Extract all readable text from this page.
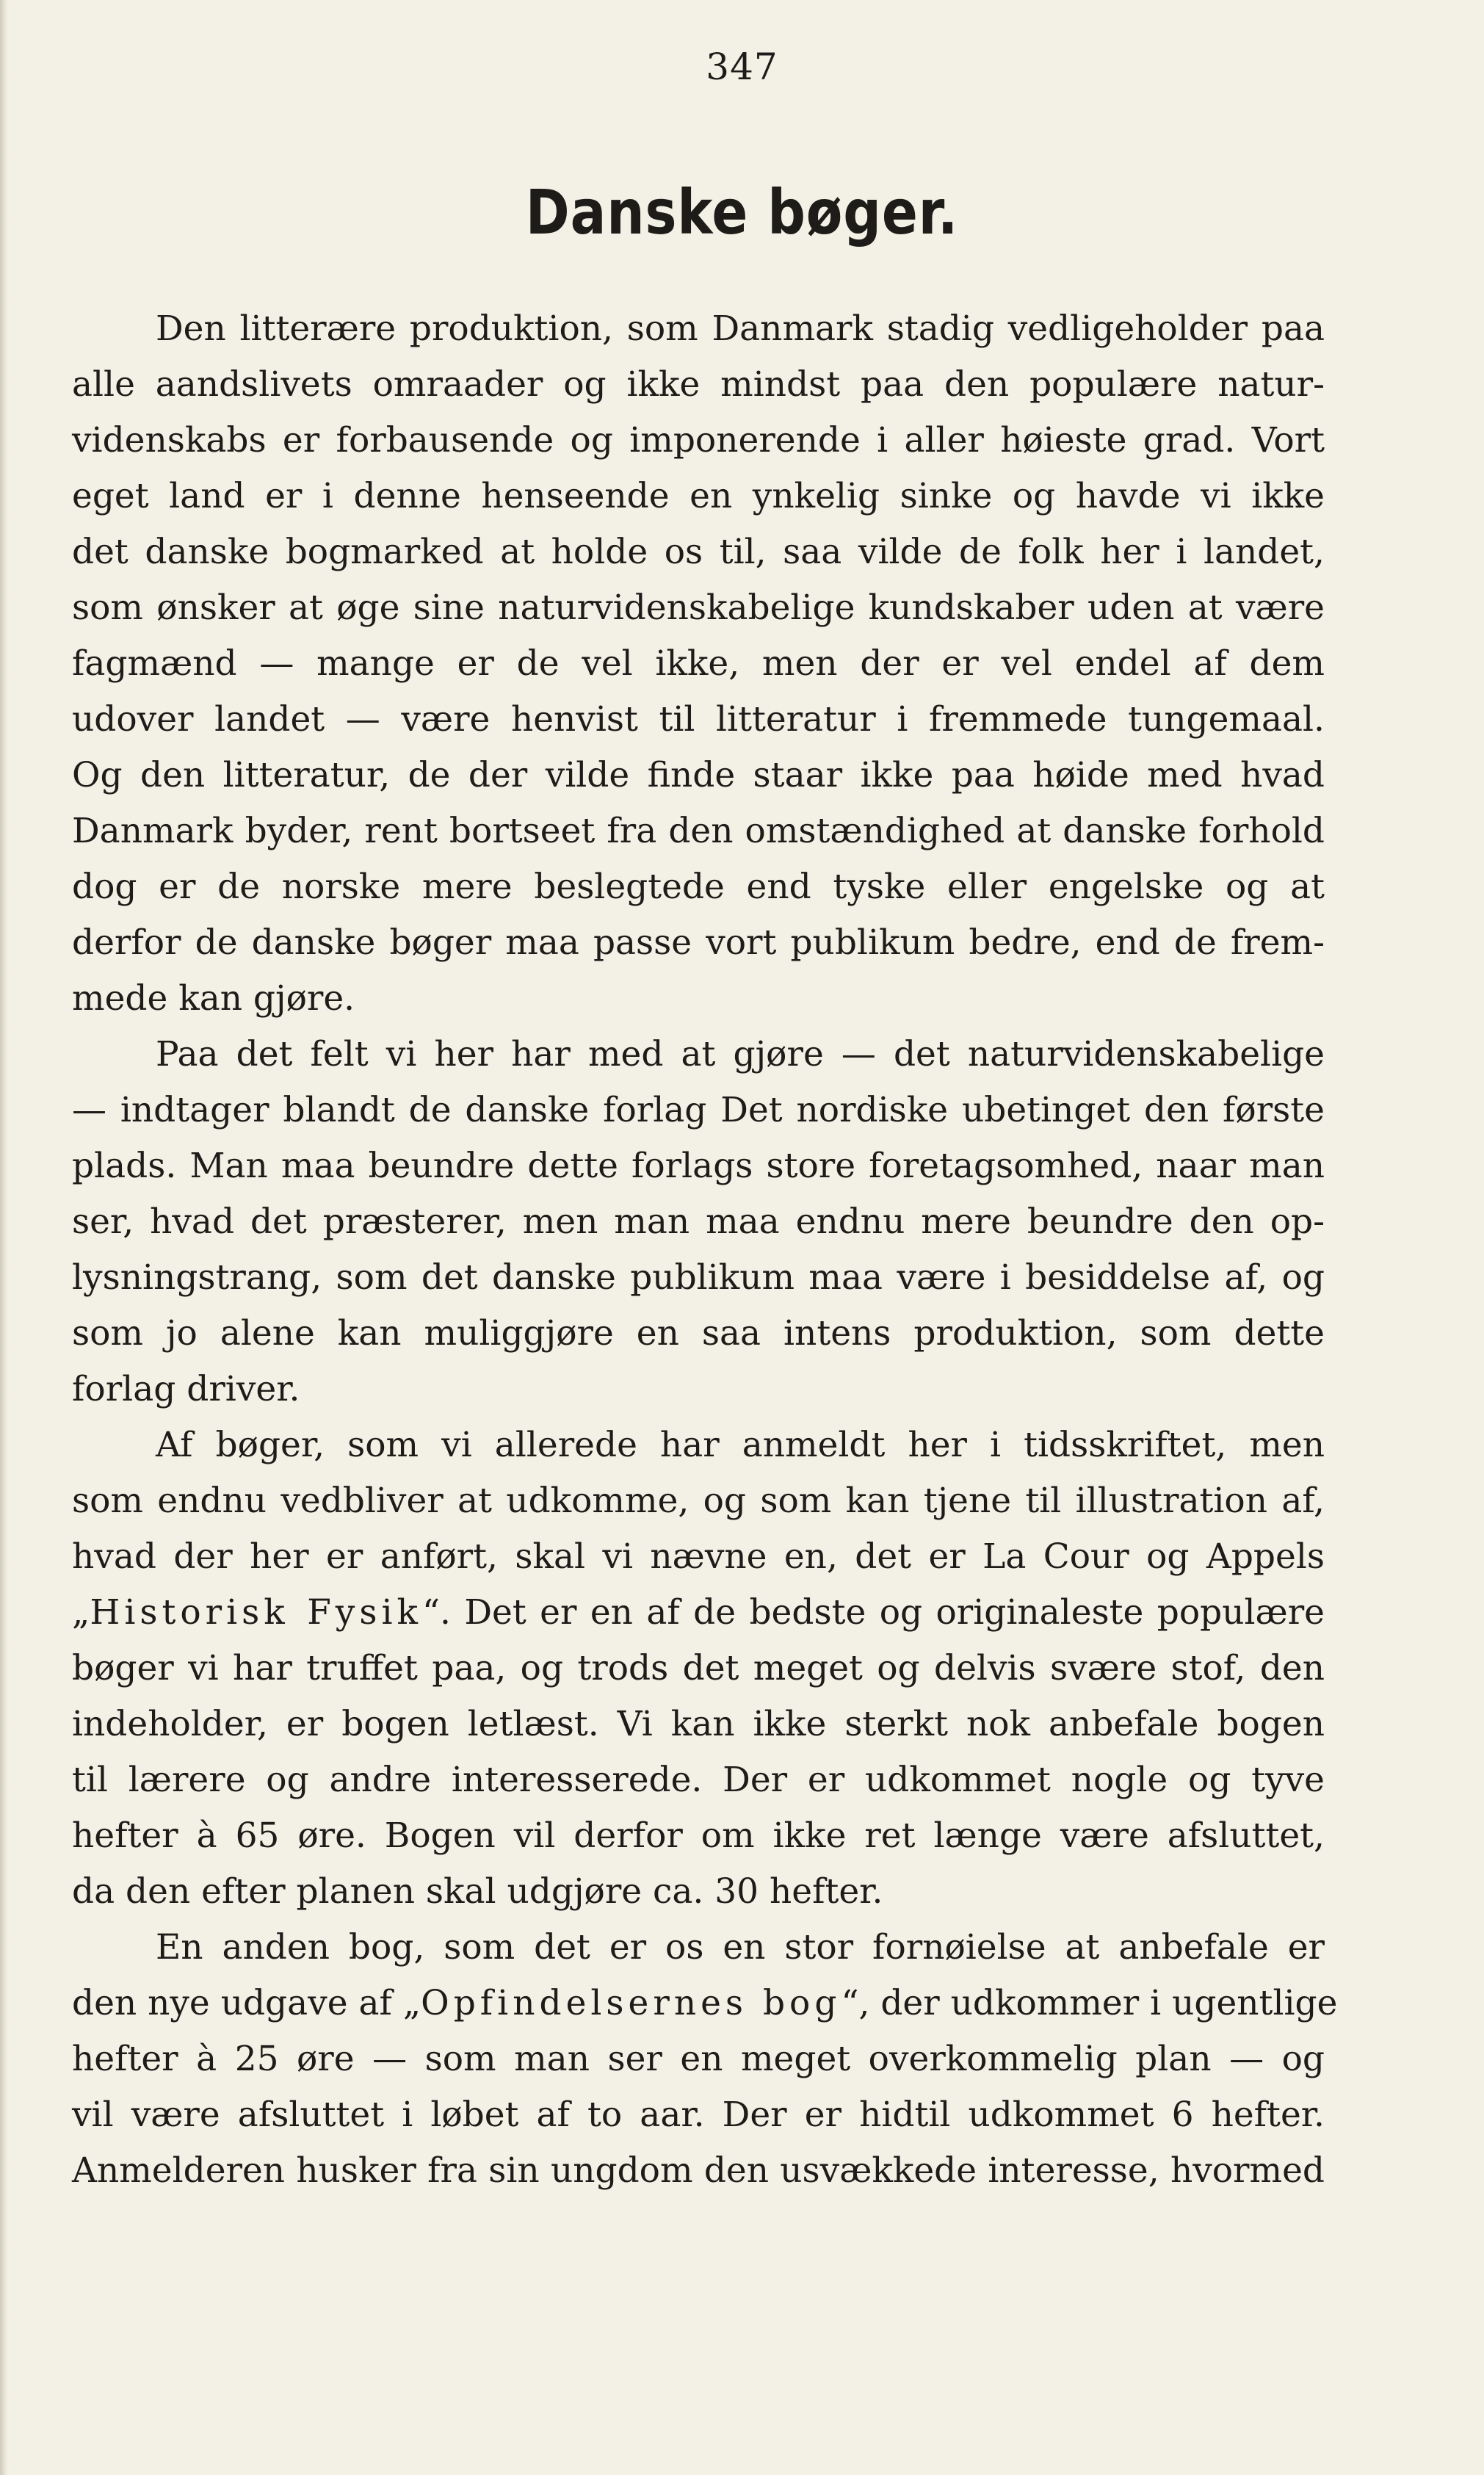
347
Danske bøger.
Den litterære produktion, som Danmark stadig vedligeholder paa
alle aandslivets omraader og ikke mindst paa den populære natur-
videnskabs er forbausende og imponerende i aller høieste grad. Vort
eget land er i denne henseende en ynkelig sinke og havde vi ikke
det danske bogmarked at holde os til, saa vilde de folk her i landet,
som ønsker at øge sine naturvidenskabelige kundskaber uden at være
fagmænd — mange er de vel ikke, men der er vel endel af dem
udover landet — være henvist til litteratur i fremmede tungemaal.
Og den litteratur, de der vilde finde staar ikke paa høide med hvad
Danmark byder, rent bortseet fra den omstændighed at danske forhold
dog er de norske mere beslegtede end tyske eller engelske og at
derfor de danske bøger maa passe vort publikum bedre, end de frem-
mede kan gjøre.
Paa det felt vi her har med at gjøre — det naturvidenskabelige
— indtager blandt de danske forlag Det nordiske ubetinget den første
plads. Man maa beundre dette forlags store foretagsomhed, naar man
ser, hvad det præsterer, men man maa endnu mere beundre den op-
lysningstrang, som det danske publikum maa være i besiddelse af, og
som jo alene kan muliggjøre en saa intens produktion, som dette
forlag driver.
Af bøger, som vi allerede har anmeldt her i tidsskriftet, men
som endnu vedbliver at udkomme, og som kan tjene til illustration af,
hvad der her er anført, skal vi nævne en, det er La Cour og Appels
„Historisk Fysik“. Det er en af de bedste og originaleste populære
bøger vi har truffet paa, og trods det meget og delvis svære stof, den
indeholder, er bogen letlæst. Vi kan ikke sterkt nok anbefale bogen
til lærere og andre interesserede. Der er udkommet nogle og tyve
hefter à 65 øre. Bogen vil derfor om ikke ret længe være afsluttet,
da den efter planen skal udgjøre ca. 30 hefter.
En anden bog, som det er os en stor fornøielse at anbefale er
den nye udgave af „Opfindelsernes bog“, der udkommer i ugentlige
hefter à 25 øre — som man ser en meget overkommelig plan — og
vil være afsluttet i løbet af to aar. Der er hidtil udkommet 6 hefter.
Anmelderen husker fra sin ungdom den usvækkede interesse, hvormed
